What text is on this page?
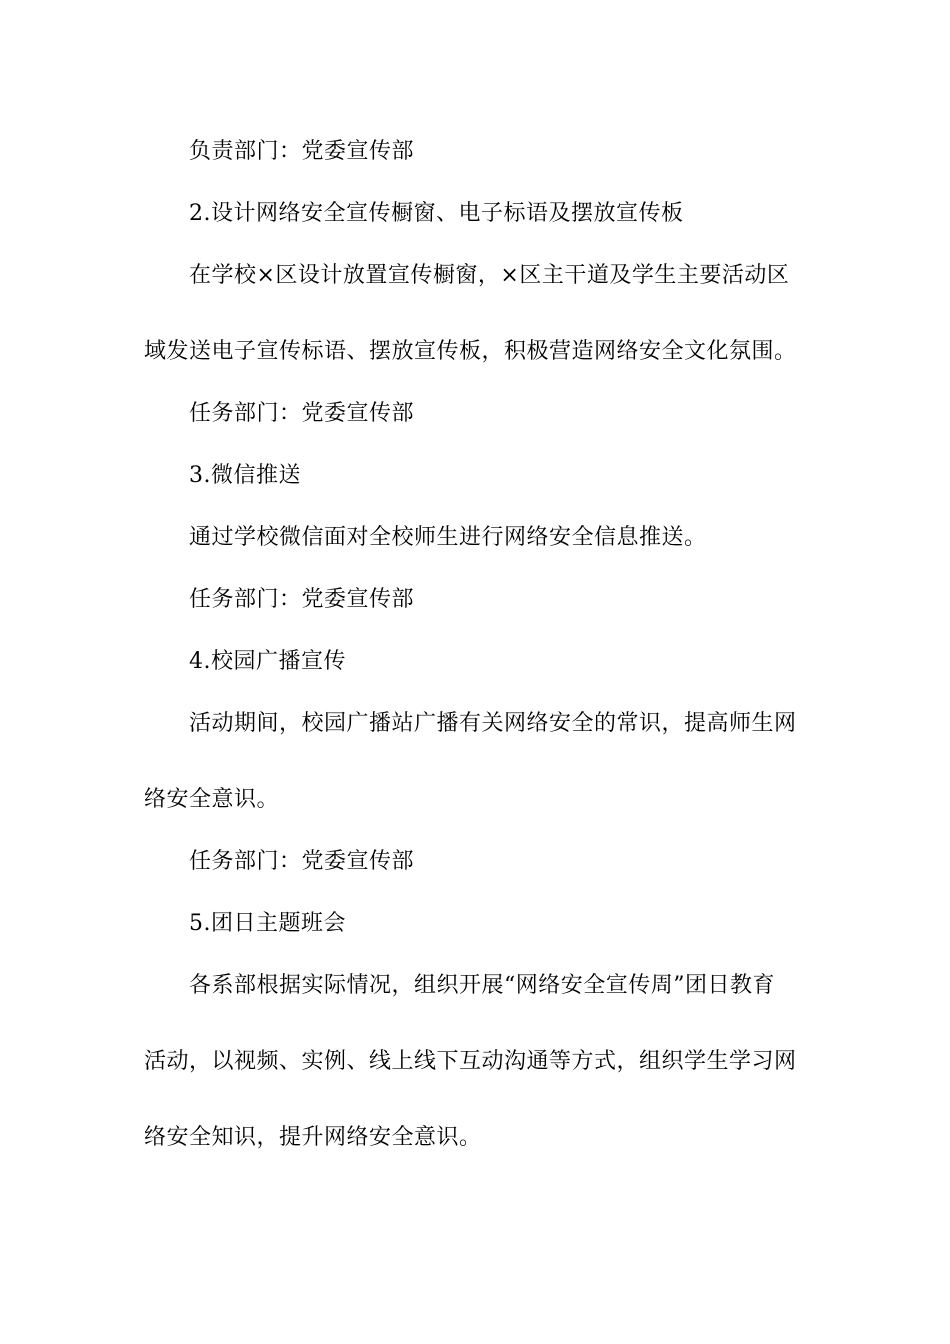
负责部门：党委宣传部
2.设计网络安全宣传橱窗、电子标语及摆放宣传板
在学校×区设计放置宣传橱窗，×区主干道及学生主要活动区
域发送电子宣传标语、摆放宣传板，积极营造网络安全文化氛围。
任务部门：党委宣传部
3.微信推送
通过学校微信面对全校师生进行网络安全信息推送。
任务部门：党委宣传部
4.校园广播宣传
活动期间，校园广播站广播有关网络安全的常识，提高师生网
络安全意识。
任务部门：党委宣传部
5.团日主题班会
各系部根据实际情况，组织开展“网络安全宣传周”团日教育
活动，以视频、实例、线上线下互动沟通等方式，组织学生学习网
络安全知识，提升网络安全意识。
